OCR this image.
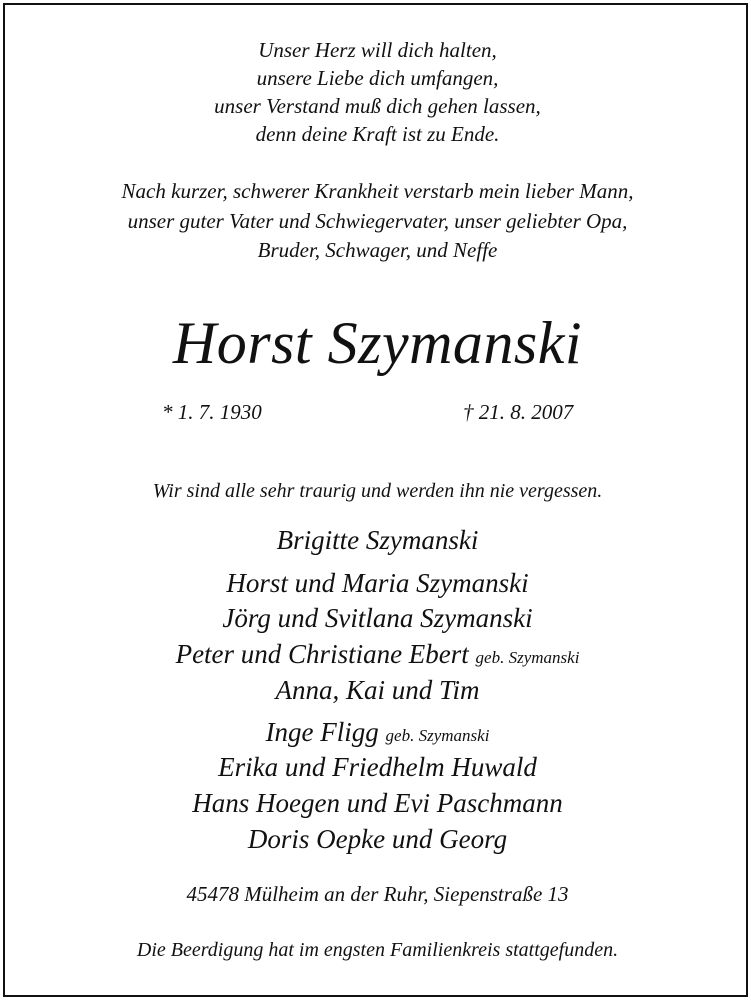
Unser Herz will dich halten,
unsere Liebe dich umfangen,
unser Verstand muß dich gehen lassen,
denn deine Kraft ist zu Ende.
Nach kurzer, schwerer Krankheit verstarb mein lieber Mann,
unser guter Vater und Schwiegervater, unser geliebter Opa,
Bruder, Schwager, und Neffe
Horst Szymanski
* 1. 7. 1930	† 21. 8. 2007
Wir sind alle sehr traurig und werden ihn nie vergessen.
Brigitte Szymanski
Horst und Maria Szymanski
Jörg und Svitlana Szymanski
Peter und Christiane Ebert geb. Szymanski
Anna, Kai und Tim
Inge Fligg geb. Szymanski
Erika und Friedhelm Huwald
Hans Hoegen und Evi Paschmann
Doris Oepke und Georg
45478 Mülheim an der Ruhr, Siepenstraße 13
Die Beerdigung hat im engsten Familienkreis stattgefunden.
